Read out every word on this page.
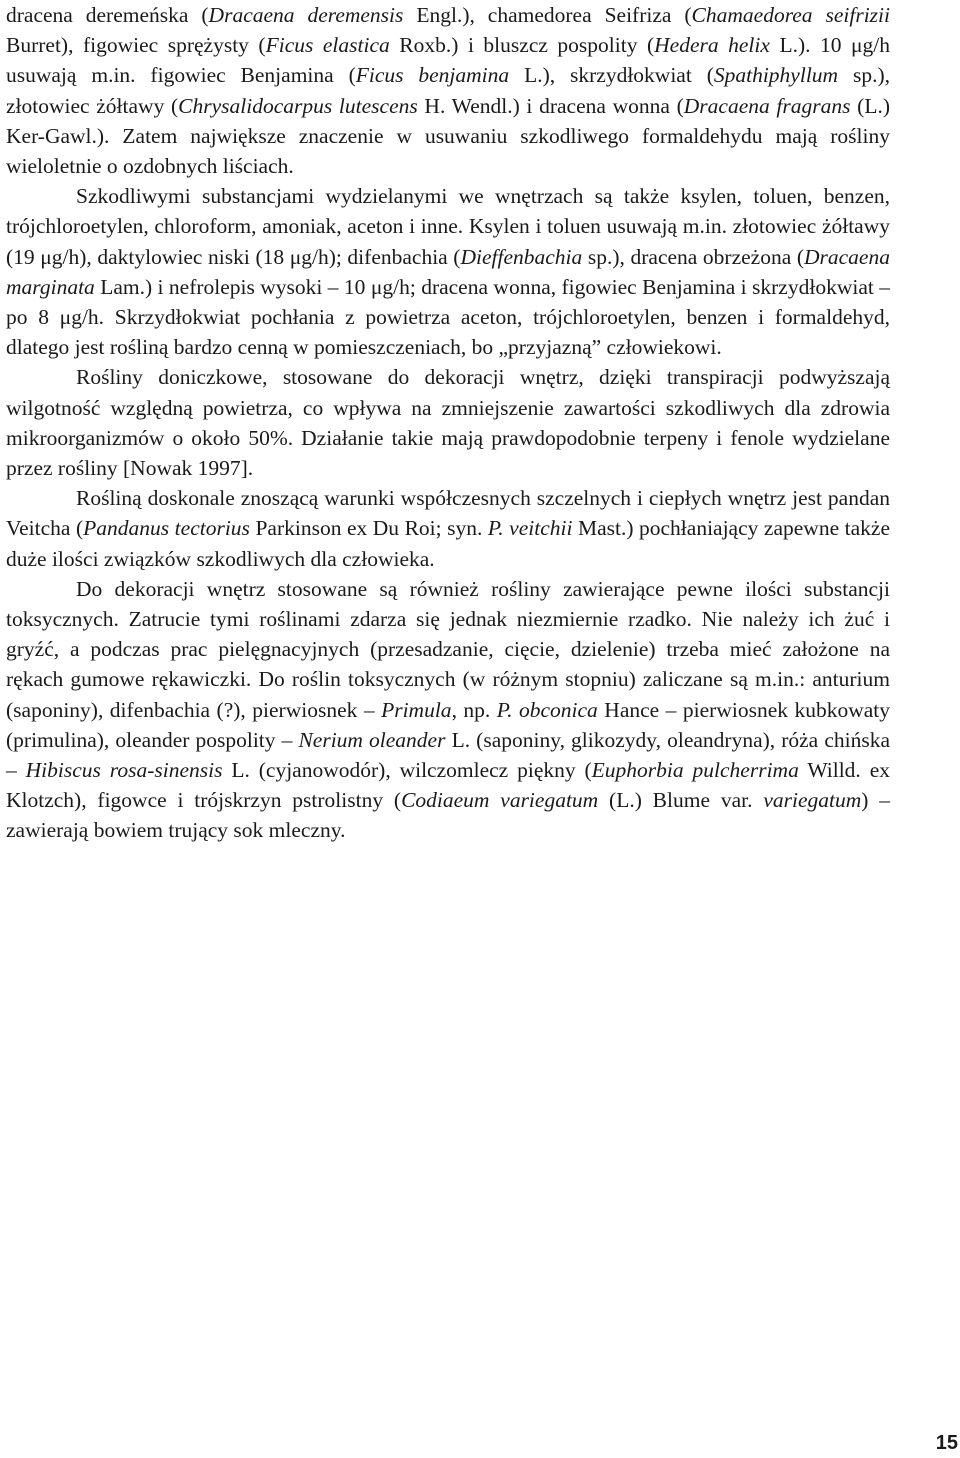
dracena deremeńska (Dracaena deremensis Engl.), chamedorea Seifriza (Chamaedorea seifrizii Burret), figowiec sprężysty (Ficus elastica Roxb.) i bluszcz pospolity (Hedera helix L.). 10 μg/h usuwają m.in. figowiec Benjamina (Ficus benjamina L.), skrzydłokwiat (Spathiphyllum sp.), złotowiec żółtawy (Chrysalidocarpus lutescens H. Wendl.) i dracena wonna (Dracaena fragrans (L.) Ker-Gawl.). Zatem największe znaczenie w usuwaniu szkodliwego formaldehydu mają rośliny wieloletnie o ozdobnych liściach.

Szkodliwymi substancjami wydzielanymi we wnętrzach są także ksylen, toluen, benzen, trójchloroetylen, chloroform, amoniak, aceton i inne. Ksylen i toluen usuwają m.in. złotowiec żółtawy (19 μg/h), daktylowiec niski (18 μg/h); difenbachia (Dieffenbachia sp.), dracena obrzeżona (Dracaena marginata Lam.) i nefrolepis wysoki – 10 μg/h; dracena wonna, figowiec Benjamina i skrzydłokwiat – po 8 μg/h. Skrzydłokwiat pochłania z powietrza aceton, trójchloroetylen, benzen i formaldehyd, dlatego jest rośliną bardzo cenną w pomieszczeniach, bo „przyjazną” człowiekowi.

Rośliny doniczkowe, stosowane do dekoracji wnętrz, dzięki transpiracji podwyższają wilgotność względną powietrza, co wpływa na zmniejszenie zawartości szkodliwych dla zdrowia mikroorganizmów o około 50%. Działanie takie mają prawdopodobnie terpeny i fenole wydzielane przez rośliny [Nowak 1997].

Rośliną doskonale znoszącą warunki współczesnych szczelnych i ciepłych wnętrz jest pandan Veitcha (Pandanus tectorius Parkinson ex Du Roi; syn. P. veitchii Mast.) pochłaniający zapewne także duże ilości związków szkodliwych dla człowieka.

Do dekoracji wnętrz stosowane są również rośliny zawierające pewne ilości substancji toksycznych. Zatrucie tymi roślinami zdarza się jednak niezmiernie rzadko. Nie należy ich żuć i gryźć, a podczas prac pielęgnacyjnych (przesadzanie, cięcie, dzielenie) trzeba mieć założone na rękach gumowe rękawiczki. Do roślin toksycznych (w różnym stopniu) zaliczane są m.in.: anturium (saponiny), difenbachia (?), pierwiosnek – Primula, np. P. obconica Hance – pierwiosnek kubkowaty (primulina), oleander pospolity – Nerium oleander L. (saponiny, glikozydy, oleandryna), róża chińska – Hibiscus rosa-sinensis L. (cyjanowodór), wilczomlecz piękny (Euphorbia pulcherrima Willd. ex Klotzch), figowce i trójskrzyn pstrolistny (Codiaeum variegatum (L.) Blume var. variegatum) – zawierają bowiem trujący sok mleczny.

15
